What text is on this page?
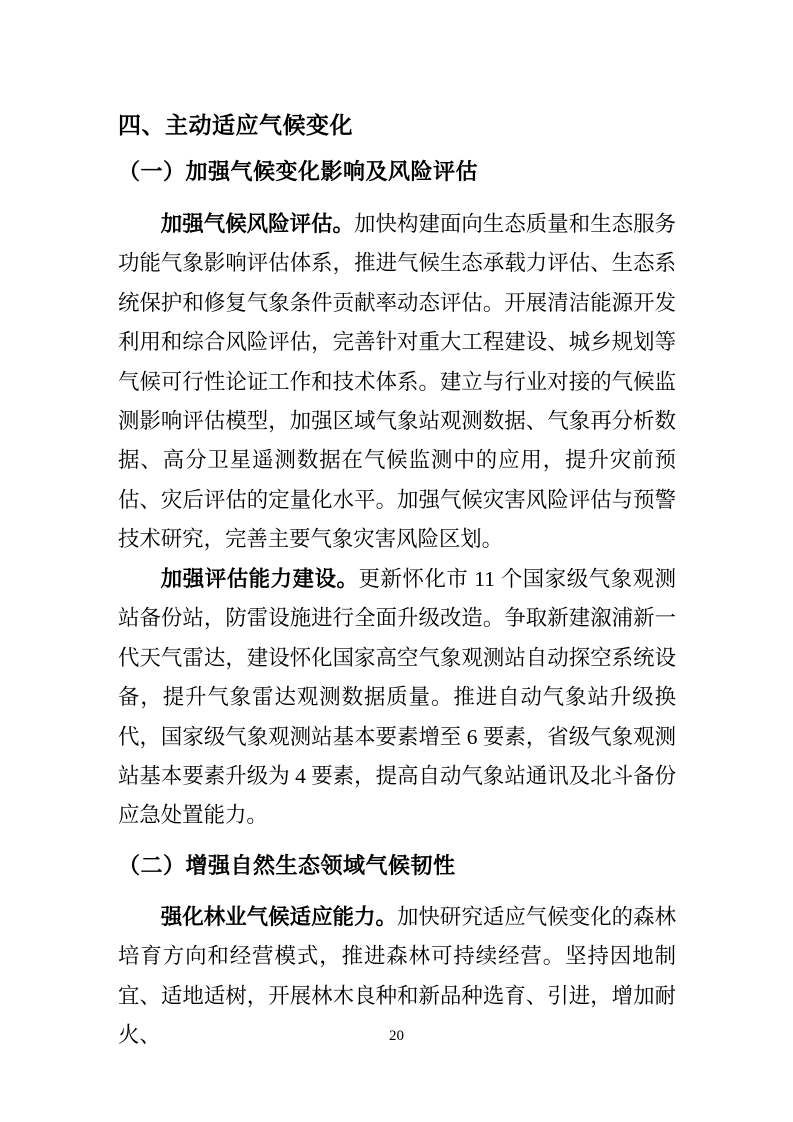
四、主动适应气候变化
（一）加强气候变化影响及风险评估

加强气候风险评估。加快构建面向生态质量和生态服务功能气象影响评估体系，推进气候生态承载力评估、生态系统保护和修复气象条件贡献率动态评估。开展清洁能源开发利用和综合风险评估，完善针对重大工程建设、城乡规划等气候可行性论证工作和技术体系。建立与行业对接的气候监测影响评估模型，加强区域气象站观测数据、气象再分析数据、高分卫星遥测数据在气候监测中的应用，提升灾前预估、灾后评估的定量化水平。加强气候灾害风险评估与预警技术研究，完善主要气象灾害风险区划。

加强评估能力建设。更新怀化市 11 个国家级气象观测站备份站，防雷设施进行全面升级改造。争取新建溆浦新一代天气雷达，建设怀化国家高空气象观测站自动探空系统设备，提升气象雷达观测数据质量。推进自动气象站升级换代，国家级气象观测站基本要素增至 6 要素，省级气象观测站基本要素升级为 4 要素，提高自动气象站通讯及北斗备份应急处置能力。

（二）增强自然生态领域气候韧性

强化林业气候适应能力。加快研究适应气候变化的森林培育方向和经营模式，推进森林可持续经营。坚持因地制宜、适地适树，开展林木良种和新品种选育、引进，增加耐火、	20
